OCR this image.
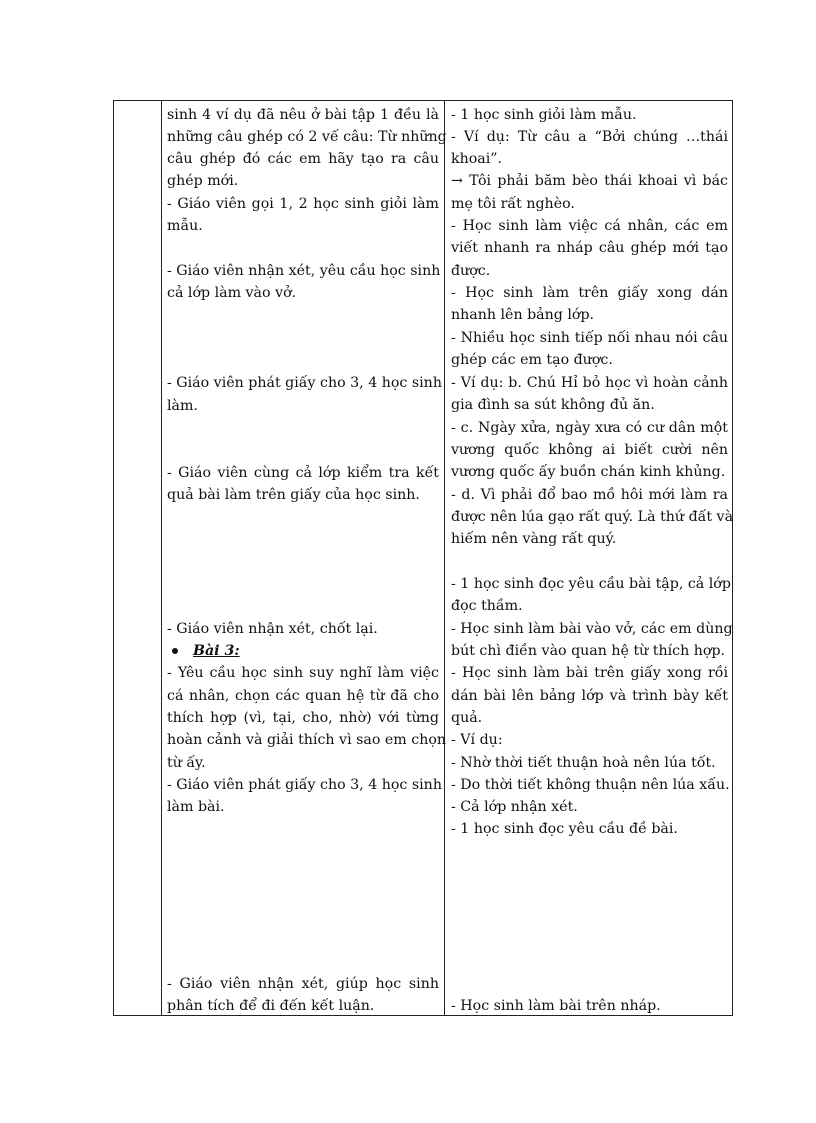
sinh 4 ví dụ đã nêu ở bài tập 1 đều là
những câu ghép có 2 vế câu: Từ những
câu ghép đó các em hãy tạo ra câu
ghép mới.
- Giáo viên gọi 1, 2 học sinh giỏi làm
mẫu.
- Giáo viên nhận xét, yêu cầu học sinh
cả lớp làm vào vở.
- Giáo viên phát giấy cho 3, 4 học sinh
làm.
- Giáo viên cùng cả lớp kiểm tra kết
quả bài làm trên giấy của học sinh.
- Giáo viên nhận xét, chốt lại.
Bài 3:
- Yêu cầu học sinh suy nghĩ làm việc
cá nhân, chọn các quan hệ từ đã cho
thích hợp (vì, tại, cho, nhờ) với từng
hoàn cảnh và giải thích vì sao em chọn
từ ấy.
- Giáo viên phát giấy cho 3, 4 học sinh
làm bài.
- Giáo viên nhận xét, giúp học sinh
phân tích để đi đến kết luận.
- 1 học sinh giỏi làm mẫu.
- Ví dụ: Từ câu a “Bởi chúng …thái
khoai”.
→ Tôi phải băm bèo thái khoai vì bác
mẹ tôi rất nghèo.
- Học sinh làm việc cá nhân, các em
viết nhanh ra nháp câu ghép mới tạo
được.
- Học sinh làm trên giấy xong dán
nhanh lên bảng lớp.
- Nhiều học sinh tiếp nối nhau nói câu
ghép các em tạo được.
- Ví dụ: b. Chú Hỉ bỏ học vì hoàn cảnh
gia đình sa sút không đủ ăn.
- c. Ngày xửa, ngày xưa có cư dân một
vương quốc không ai biết cười nên
vương quốc ấy buồn chán kinh khủng.
- d. Vì phải đổ bao mồ hôi mới làm ra
được nên lúa gạo rất quý. Là thứ đất và
hiếm nên vàng rất quý.
- 1 học sinh đọc yêu cầu bài tập, cả lớp
đọc thầm.
- Học sinh làm bài vào vở, các em dùng
bút chì điền vào quan hệ từ thích hợp.
- Học sinh làm bài trên giấy xong rồi
dán bài lên bảng lớp và trình bày kết
quả.
- Ví dụ:
- Nhờ thời tiết thuận hoà nên lúa tốt.
- Do thời tiết không thuận nên lúa xấu.
- Cả lớp nhận xét.
- 1 học sinh đọc yêu cầu đề bài.
- Học sinh làm bài trên nháp.
